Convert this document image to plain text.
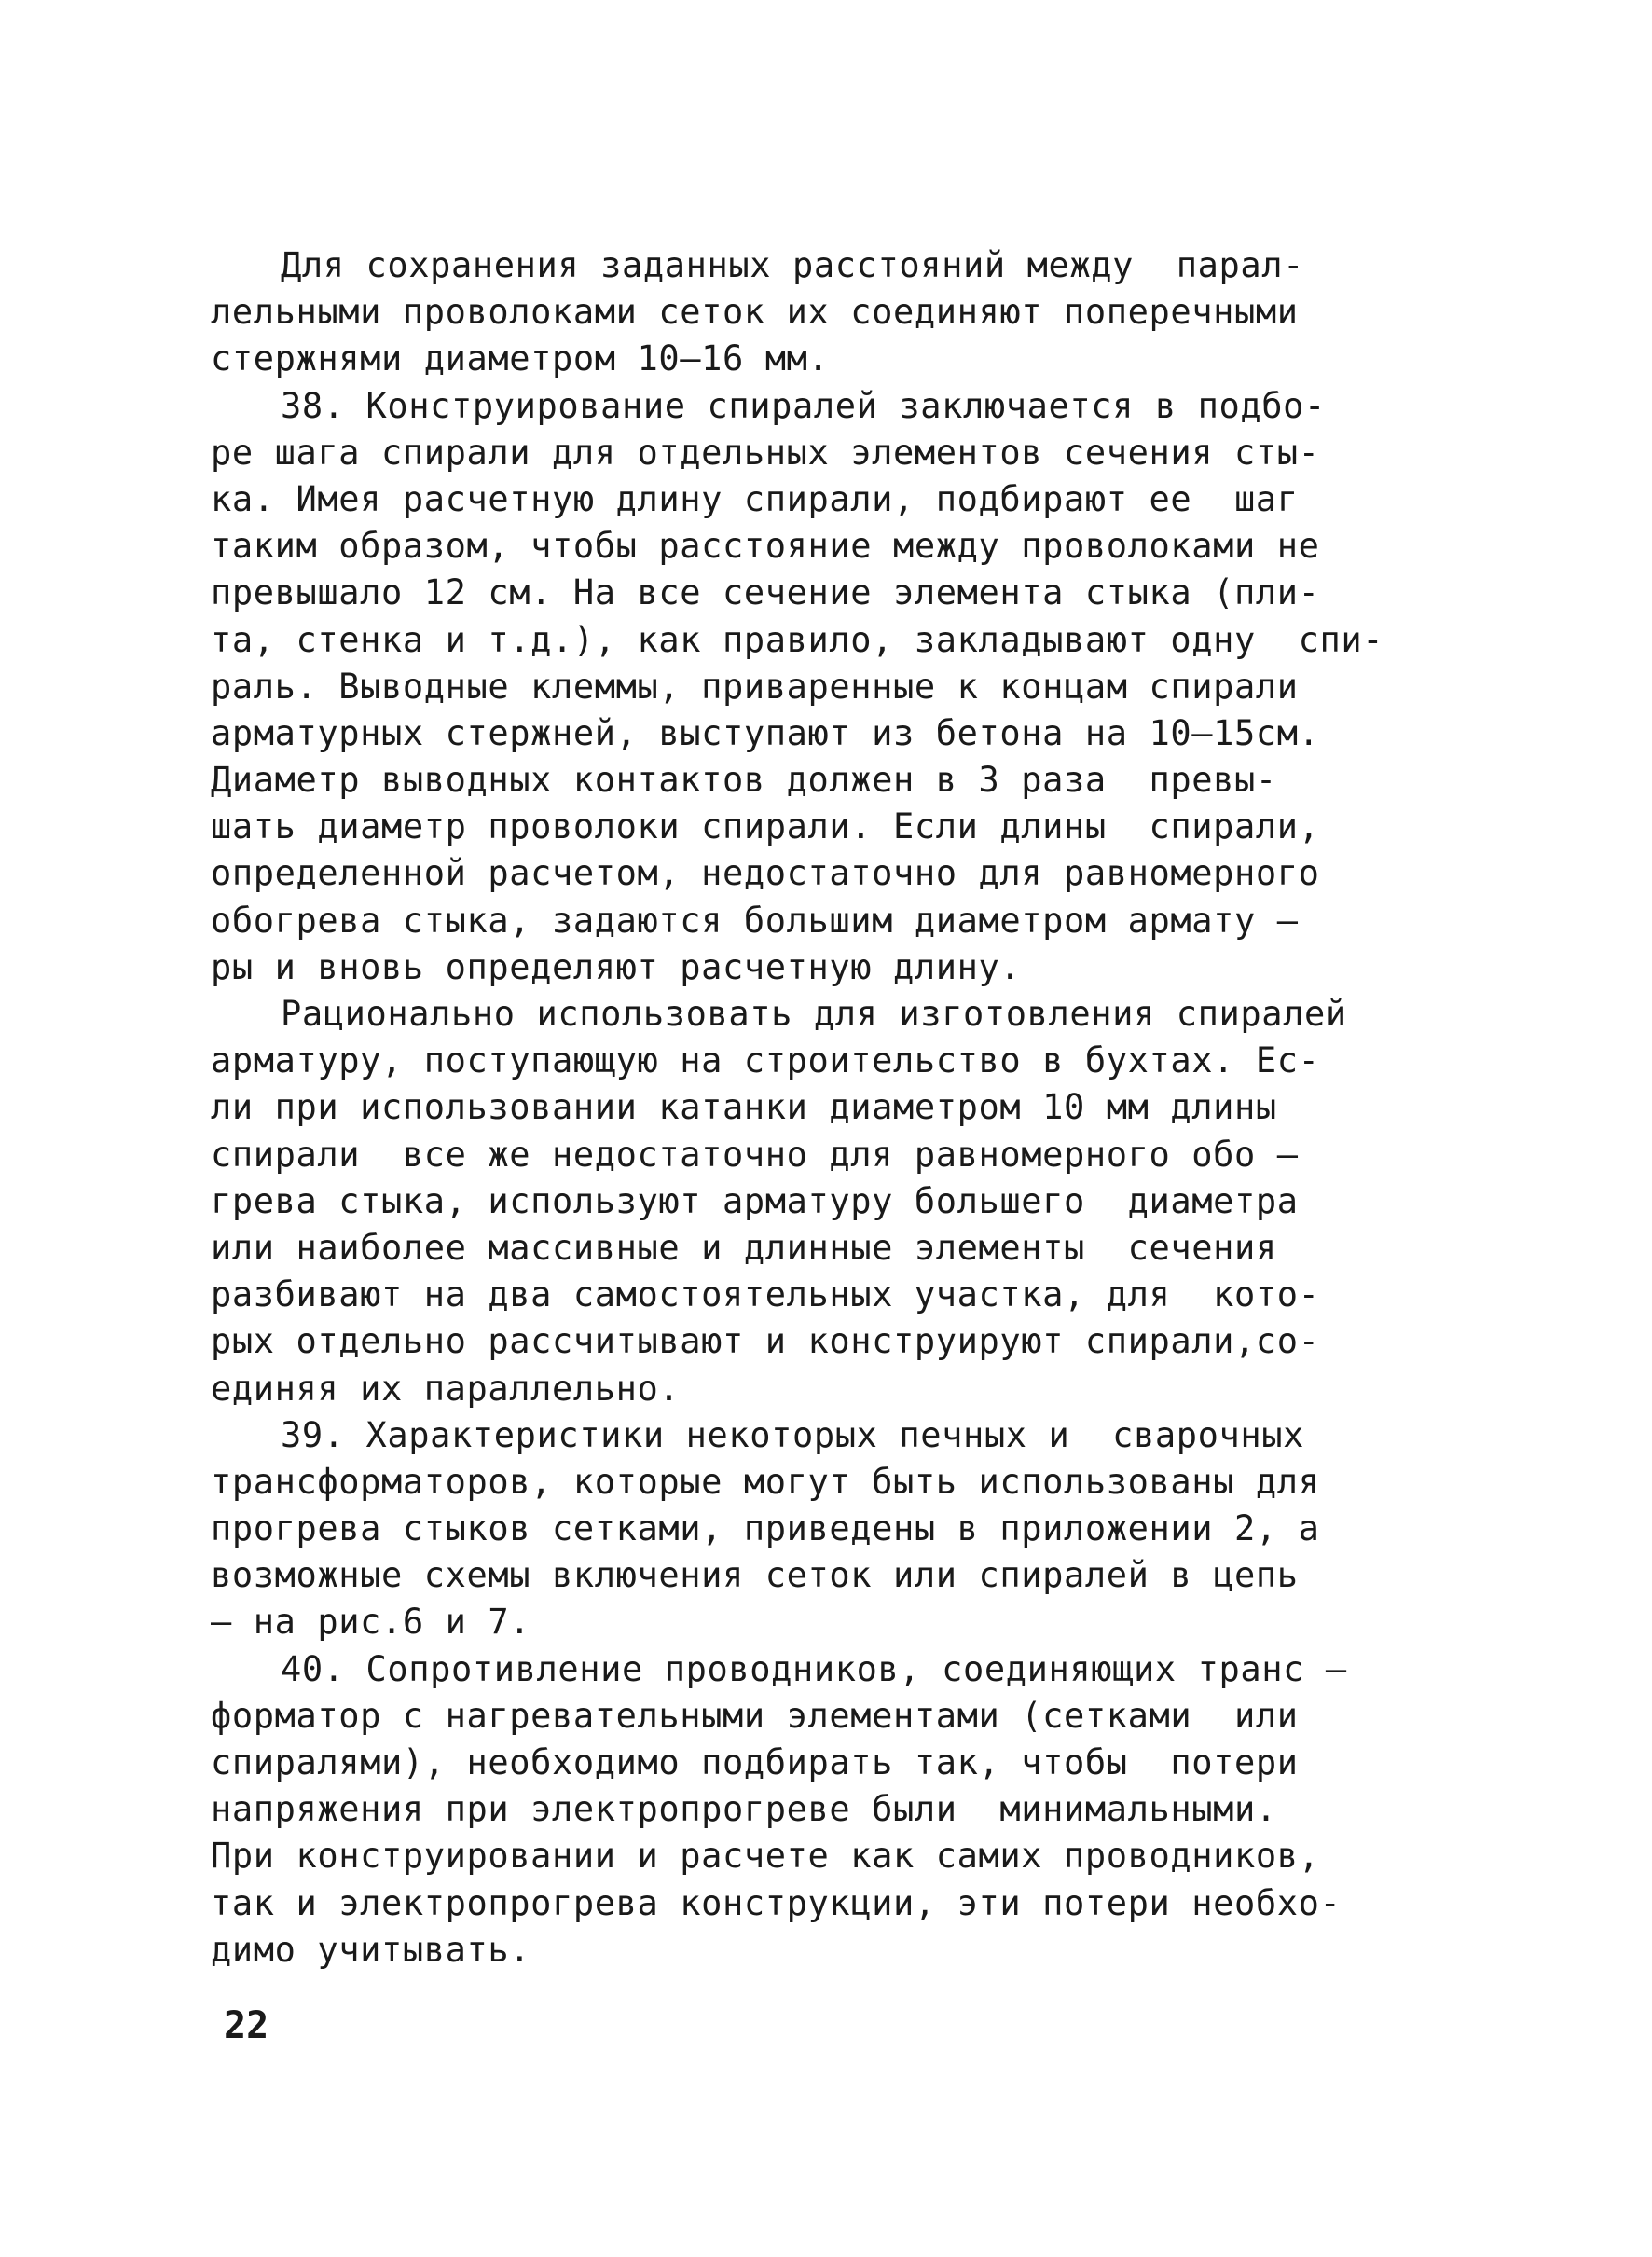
Для сохранения заданных расстояний между  парал-
лельными проволоками сеток их соединяют поперечными
стержнями диаметром 10–16 мм.
38. Конструирование спиралей заключается в подбо-
ре шага спирали для отдельных элементов сечения сты-
ка. Имея расчетную длину спирали, подбирают ее  шаг
таким образом, чтобы расстояние между проволоками не
превышало 12 см. На все сечение элемента стыка (пли-
та, стенка и т.д.), как правило, закладывают одну  спи-
раль. Выводные клеммы, приваренные к концам спирали
арматурных стержней, выступают из бетона на 10–15см.
Диаметр выводных контактов должен в 3 раза  превы-
шать диаметр проволоки спирали. Если длины  спирали,
определенной расчетом, недостаточно для равномерного
обогрева стыка, задаются большим диаметром армату –
ры и вновь определяют расчетную длину.
Рационально использовать для изготовления спиралей
арматуру, поступающую на строительство в бухтах. Ес-
ли при использовании катанки диаметром 10 мм длины
спирали  все же недостаточно для равномерного обо –
грева стыка, используют арматуру большего  диаметра
или наиболее массивные и длинные элементы  сечения
разбивают на два самостоятельных участка, для  кото-
рых отдельно рассчитывают и конструируют спирали,со-
единяя их параллельно.
39. Характеристики некоторых печных и  сварочных
трансформаторов, которые могут быть использованы для
прогрева стыков сетками, приведены в приложении 2, а
возможные схемы включения сеток или спиралей в цепь
– на рис.6 и 7.
40. Сопротивление проводников, соединяющих транс –
форматор с нагревательными элементами (сетками  или
спиралями), необходимо подбирать так, чтобы  потери
напряжения при электропрогреве были  минимальными.
При конструировании и расчете как самих проводников,
так и электропрогрева конструкции, эти потери необхо-
димо учитывать.
22
